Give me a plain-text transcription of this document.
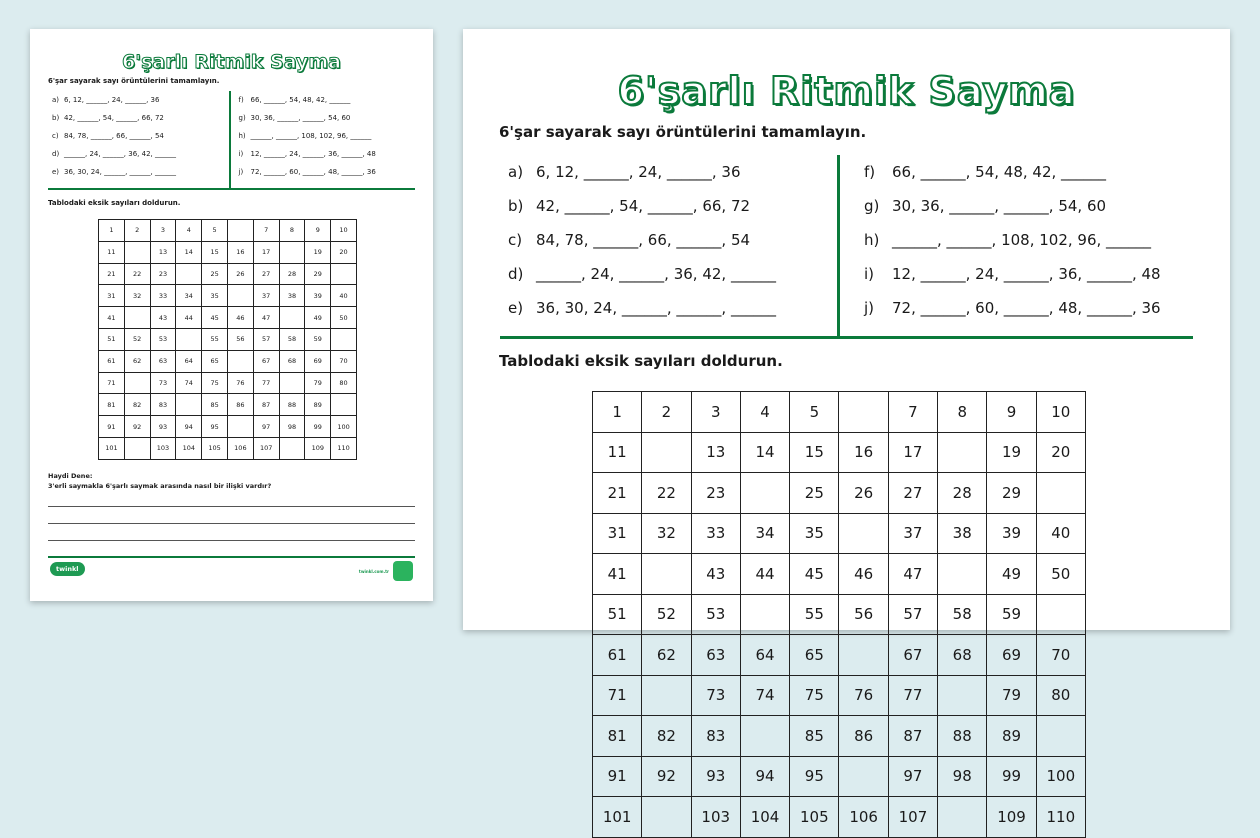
6'şarlı Ritmik Sayma
6'şar sayarak sayı örüntülerini tamamlayın.
a) 6, 12, ______, 24, ______, 36
b) 42, ______, 54, ______, 66, 72
c) 84, 78, ______, 66, ______, 54
d) ______, 24, ______, 36, 42, ______
e) 36, 30, 24, ______, ______, ______
f) 66, ______, 54, 48, 42, ______
g) 30, 36, ______, ______, 54, 60
h) ______, ______, 108, 102, 96, ______
i)	12, ______, 24, ______, 36, ______, 48
j)	72, ______, 60, ______, 48, ______, 36
Tablodaki eksik sayıları doldurun.
1	2	3	4	5		7	8	9	10
11		13	14	15	16	17		19	20
21	22	23		25	26	27	28	29	
31	32	33	34	35		37	38	39	40
41		43	44	45	46	47		49	50
51	52	53		55	56	57	58	59	
61	62	63	64	65		67	68	69	70
71		73	74	75	76	77		79	80
81	82	83		85	86	87	88	89	
91	92	93	94	95		97	98	99	100
101		103	104	105	106	107		109	110
Haydi Dene:
3'erli saymakla 6'şarlı saymak arasında nasıl bir ilişki vardır?
twinkl	twinkl.com.tr
6'şarlı Ritmik Sayma
6'şar sayarak sayı örüntülerini tamamlayın.
a) 6, 12, ______, 24, ______, 36
b) 42, ______, 54, ______, 66, 72
c) 84, 78, ______, 66, ______, 54
d) ______, 24, ______, 36, 42, ______
e) 36, 30, 24, ______, ______, ______
f)	66, ______, 54, 48, 42, ______
g) 30, 36, ______, ______, 54, 60
h) ______, ______, 108, 102, 96, ______
i)	12, ______, 24, ______, 36, ______, 48
j)	72, ______, 60, ______, 48, ______, 36
Tablodaki eksik sayıları doldurun.
1	2	3	4	5		7	8	9	10
11		13	14	15	16	17		19	20
21	22	23		25	26	27	28	29	
31	32	33	34	35		37	38	39	40
41		43	44	45	46	47		49	50
51	52	53		55	56	57	58	59	
61	62	63	64	65		67	68	69	70
71		73	74	75	76	77		79	80
81	82	83		85	86	87	88	89	
91	92	93	94	95		97	98	99	100
101		103	104	105	106	107		109	110
